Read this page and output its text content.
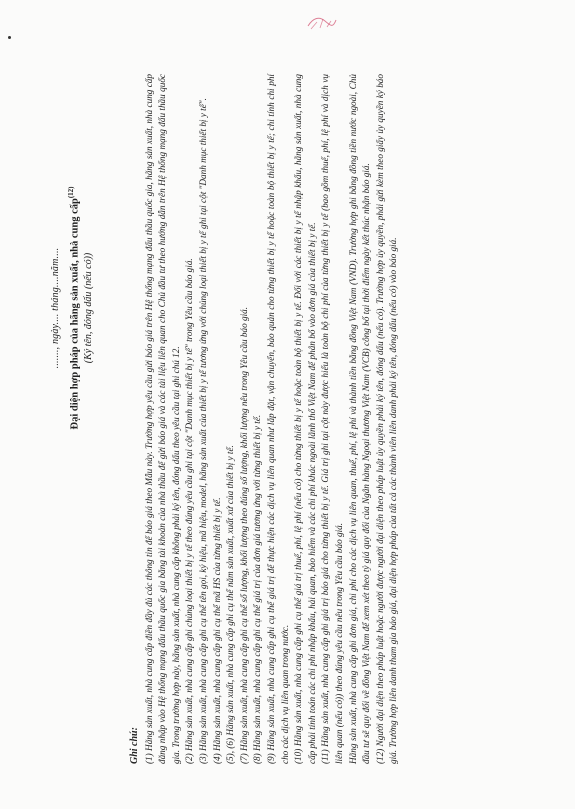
......., ngày.... tháng....năm.... Đại diện hợp pháp của hãng sản xuất, nhà cung cấp$^{(12)}$
(Ký tên, đóng dấu (nếu có))
Ghi chú: (1) Hãng sản xuất, nhà cung cấp điền đầy đủ các thông tin để báo giá theo Mẫu này. Trường hợp yêu cầu gửi báo giá trên Hệ thống mạng đấu thầu quốc gia, hãng sản xuất, nhà cung cấp đăng nhập vào Hệ thống mạng đấu thầu quốc gia bằng tài khoản của nhà thầu để gửi báo giá và các tài liệu liên quan cho Chủ đầu tư theo hướng dẫn trên Hệ thống mạng đấu thầu quốc gia. Trong trường hợp này, hãng sản xuất, nhà cung cấp không phải ký tên, đóng dấu theo yêu cầu tại ghi chú 12. (2) Hãng sản xuất, nhà cung cấp ghi chủng loại thiết bị y tế theo đúng yêu cầu ghi tại cột "Danh mục thiết bị y tế" trong Yêu cầu báo giá. (3) Hãng sản xuất, nhà cung cấp ghi cụ thể tên gọi, ký hiệu, mã hiệu, model, hãng sản xuất của thiết bị y tế tương ứng với chủng loại thiết bị y tế ghi tại cột "Danh mục thiết bị y tế". (4) Hãng sản xuất, nhà cung cấp ghi cụ thể mã HS của từng thiết bị y tế. (5), (6) Hãng sản xuất, nhà cung cấp ghi cụ thể năm sản xuất, xuất xứ của thiết bị y tế. (7) Hãng sản xuất, nhà cung cấp ghi cụ thể số lượng, khối lượng theo đúng số lượng, khối lượng nêu trong Yêu cầu báo giá. (8) Hãng sản xuất, nhà cung cấp ghi cụ thể giá trị của đơn giá tương ứng với từng thiết bị y tế. (9) Hãng sản xuất, nhà cung cấp ghi cụ thể giá trị để thực hiện các dịch vụ liên quan như lắp đặt, vận chuyển, bảo quản cho từng thiết bị y tế hoặc toàn bộ thiết bị y tế; chi tính chi phí cho các dịch vụ liên quan trong nước. (10) Hãng sản xuất, nhà cung cấp ghi cụ thể giá trị thuế, phí, lệ phí (nếu có) cho từng thiết bị y tế hoặc toàn bộ thiết bị y tế. Đối với các thiết bị y tế nhập khẩu, hãng sản xuất, nhà cung cấp phải tính toán các chi phí nhập khẩu, hải quan, bảo hiểm và các chi phí khác ngoài lãnh thổ Việt Nam để phân bổ vào đơn giá của thiết bị y tế. (11) Hãng sản xuất, nhà cung cấp ghi giá trị báo giá cho từng thiết bị y tế. Giá trị ghi tại cột này được hiểu là toàn bộ chi phí của từng thiết bị y tế (bao gồm thuế, phí, lệ phí và dịch vụ liên quan (nếu có)) theo đúng yêu cầu nêu trong Yêu cầu báo giá. Hãng sản xuất, nhà cung cấp ghi đơn giá, chi phí cho các dịch vụ liên quan, thuế, phí, lệ phí và thành tiền bằng đồng Việt Nam (VND). Trường hợp ghi bằng đồng tiền nước ngoài, Chủ đầu tư sẽ quy đổi về đồng Việt Nam để xem xét theo tỷ giá quy đổi của Ngân hàng Ngoại thương Việt Nam (VCB) công bố tại thời điểm ngày kết thúc nhận báo giá. (12) Người đại diện theo pháp luật hoặc người được người đại diện theo pháp luật ủy quyền phải ký tên, đóng dấu (nếu có). Trường hợp ủy quyền, phải gửi kèm theo giấy ủy quyền ký báo giá. Trường hợp liên danh tham gia báo giá, đại diện hợp pháp của tất cả các thành viên liên danh phải ký tên, đóng dấu (nếu có) vào báo giá.
